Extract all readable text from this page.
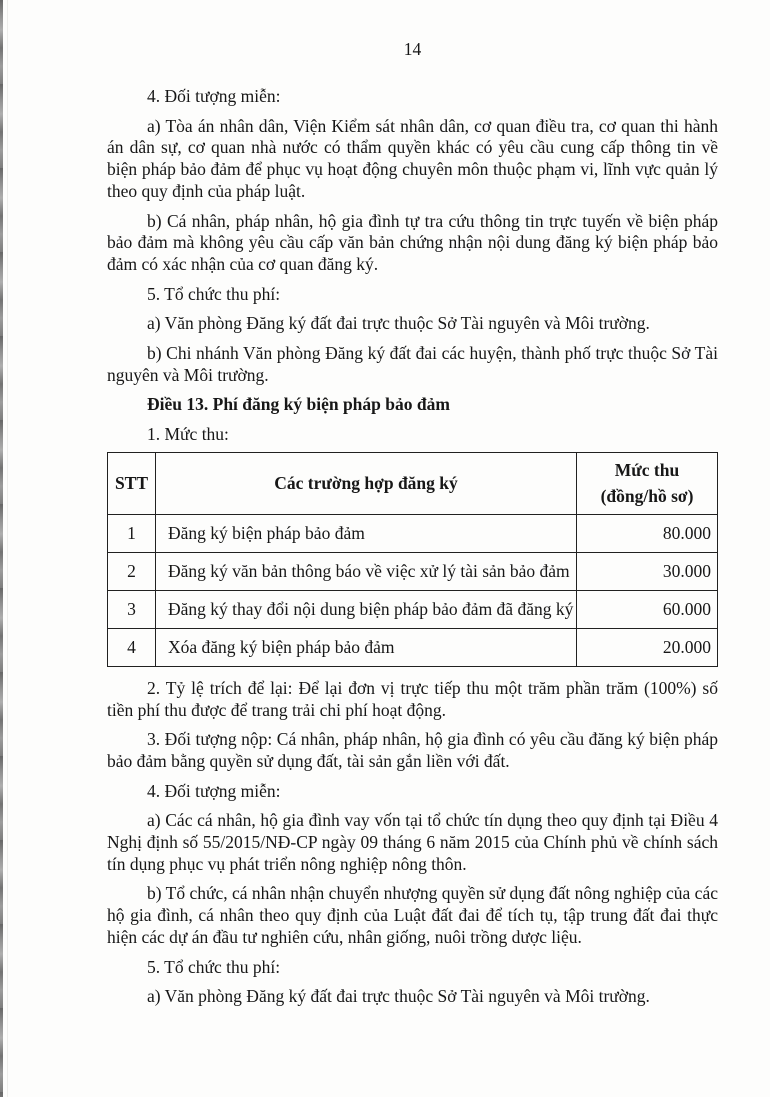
14

4. Đối tượng miễn:

a) Tòa án nhân dân, Viện Kiểm sát nhân dân, cơ quan điều tra, cơ quan thi hành án dân sự, cơ quan nhà nước có thẩm quyền khác có yêu cầu cung cấp thông tin về biện pháp bảo đảm để phục vụ hoạt động chuyên môn thuộc phạm vi, lĩnh vực quản lý theo quy định của pháp luật.

b) Cá nhân, pháp nhân, hộ gia đình tự tra cứu thông tin trực tuyến về biện pháp bảo đảm mà không yêu cầu cấp văn bản chứng nhận nội dung đăng ký biện pháp bảo đảm có xác nhận của cơ quan đăng ký.

5. Tổ chức thu phí:

a) Văn phòng Đăng ký đất đai trực thuộc Sở Tài nguyên và Môi trường.

b) Chi nhánh Văn phòng Đăng ký đất đai các huyện, thành phố trực thuộc Sở Tài nguyên và Môi trường.

Điều 13. Phí đăng ký biện pháp bảo đảm

1. Mức thu:

STT	Các trường hợp đăng ký	Mức thu
(đồng/hồ sơ)

1	Đăng ký biện pháp bảo đảm	80.000
2	Đăng ký văn bản thông báo về việc xử lý tài sản bảo đảm	30.000
3	Đăng ký thay đổi nội dung biện pháp bảo đảm đã đăng ký	60.000
4	Xóa đăng ký biện pháp bảo đảm	20.000

2. Tỷ lệ trích để lại: Để lại đơn vị trực tiếp thu một trăm phần trăm (100%) số tiền phí thu được để trang trải chi phí hoạt động.

3. Đối tượng nộp: Cá nhân, pháp nhân, hộ gia đình có yêu cầu đăng ký biện pháp bảo đảm bằng quyền sử dụng đất, tài sản gắn liền với đất.

4. Đối tượng miễn:

a) Các cá nhân, hộ gia đình vay vốn tại tổ chức tín dụng theo quy định tại Điều 4 Nghị định số 55/2015/NĐ-CP ngày 09 tháng 6 năm 2015 của Chính phủ về chính sách tín dụng phục vụ phát triển nông nghiệp nông thôn.

b) Tổ chức, cá nhân nhận chuyển nhượng quyền sử dụng đất nông nghiệp của các hộ gia đình, cá nhân theo quy định của Luật đất đai để tích tụ, tập trung đất đai thực hiện các dự án đầu tư nghiên cứu, nhân giống, nuôi trồng dược liệu.

5. Tổ chức thu phí:

a) Văn phòng Đăng ký đất đai trực thuộc Sở Tài nguyên và Môi trường.
